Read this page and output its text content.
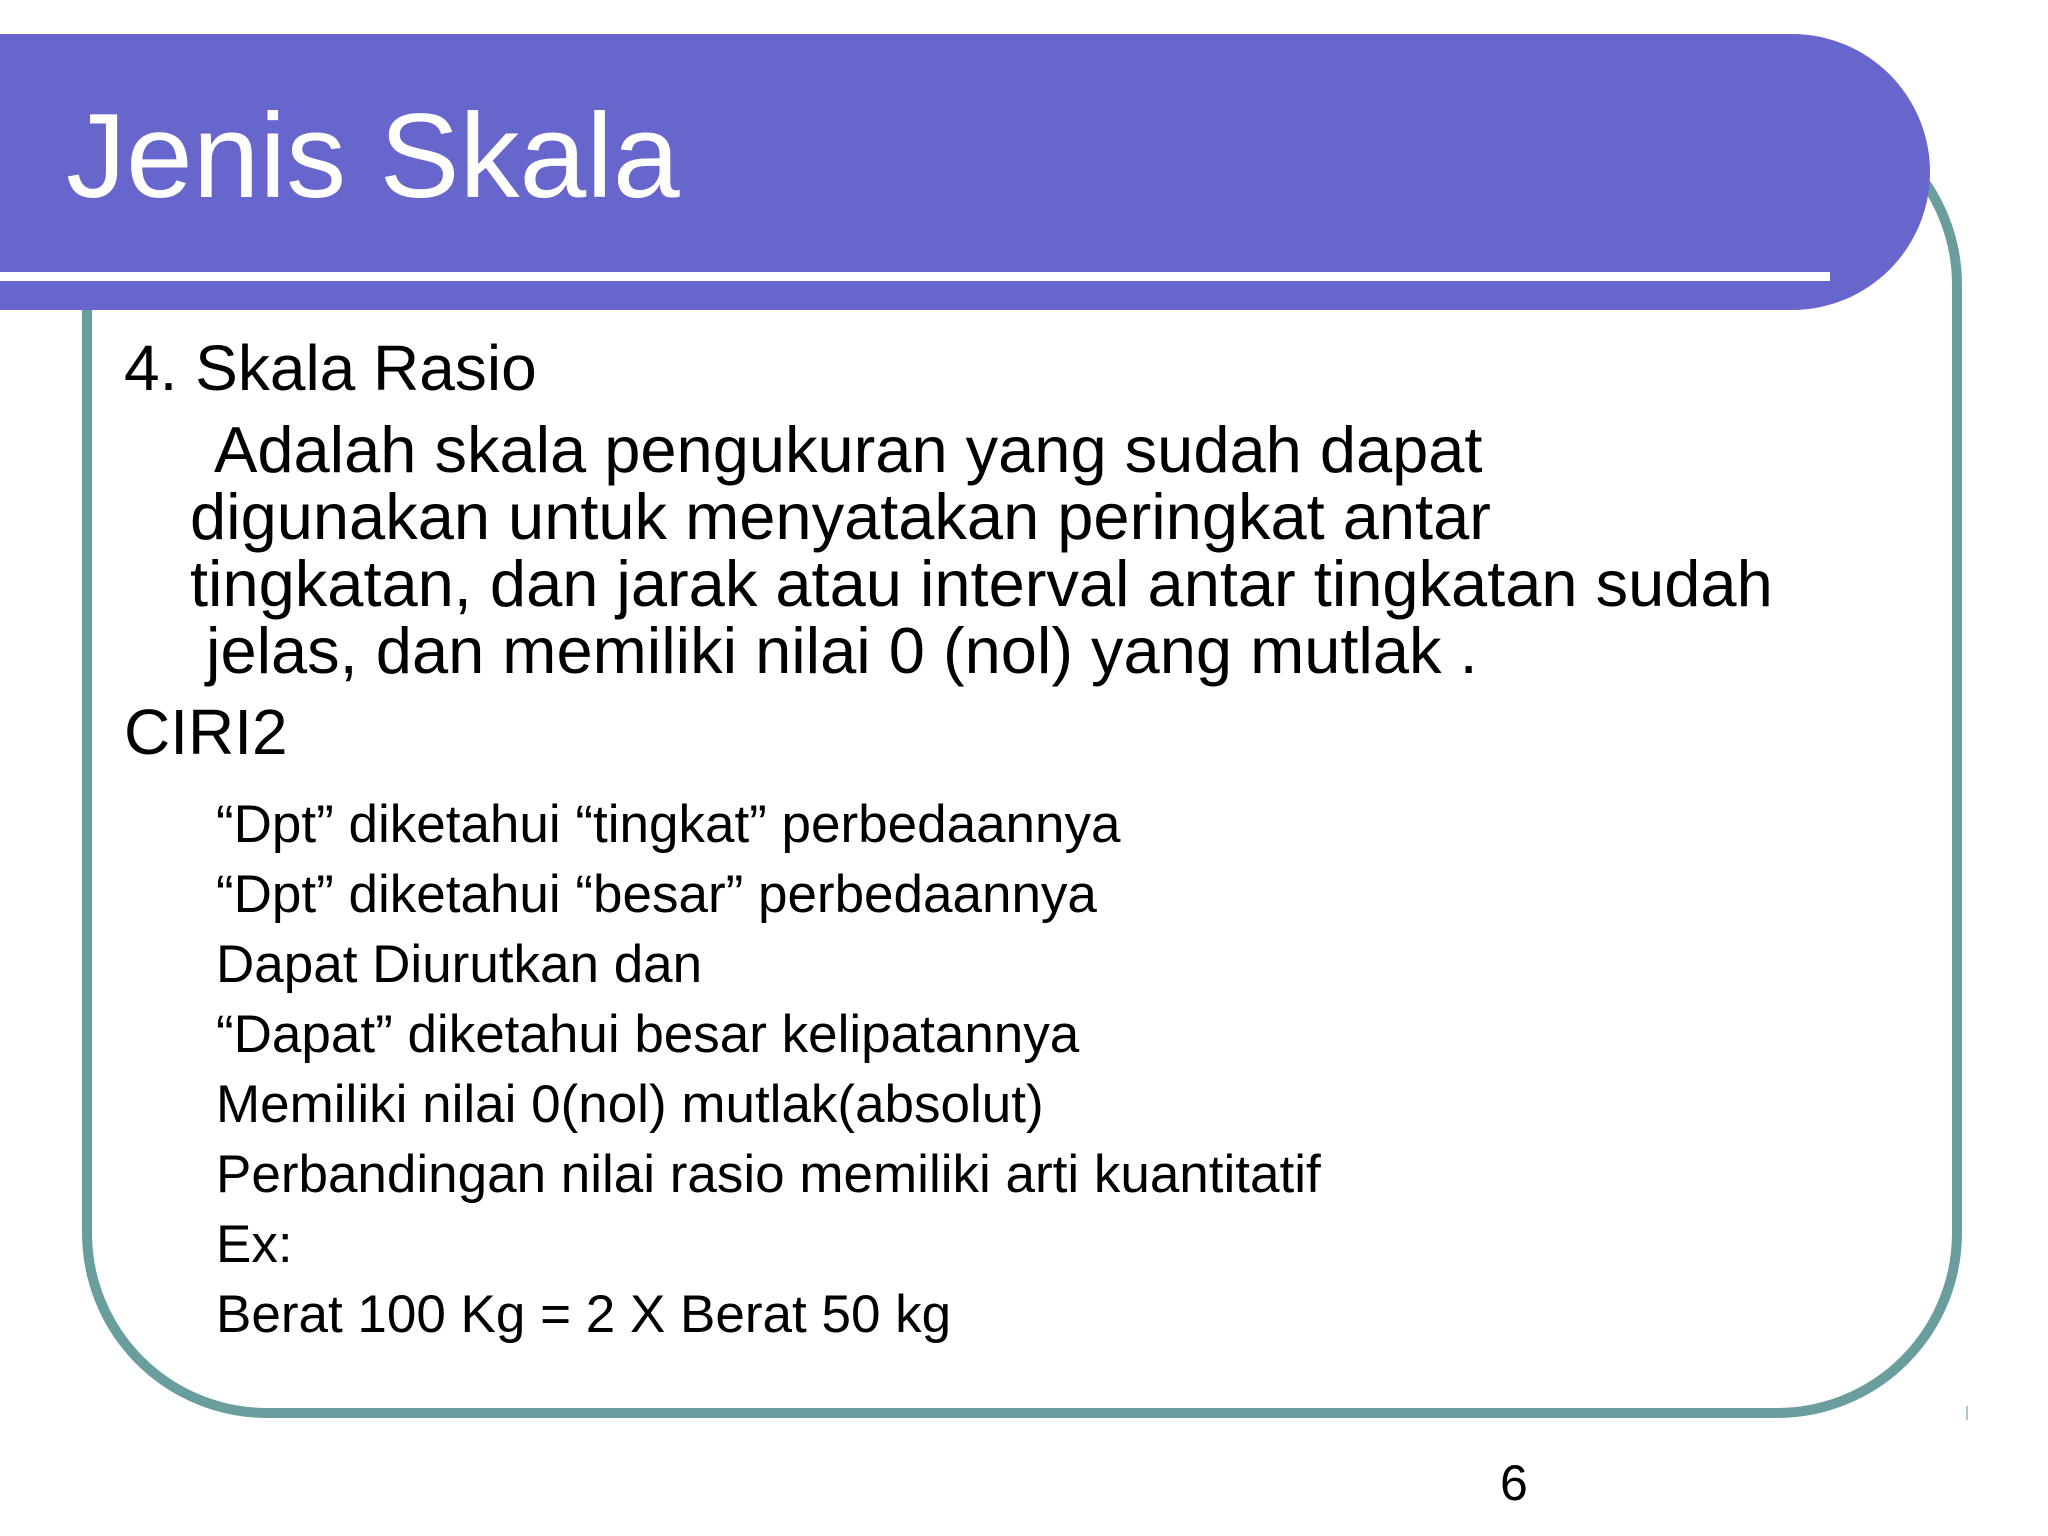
Jenis Skala
4. Skala Rasio

Adalah skala pengukuran yang sudah dapat
digunakan untuk menyatakan peringkat antar
tingkatan, dan jarak atau interval antar tingkatan sudah
jelas, dan memiliki nilai 0 (nol) yang mutlak .

CIRI2
“Dpt” diketahui “tingkat” perbedaannya
“Dpt” diketahui “besar” perbedaannya
Dapat Diurutkan dan
“Dapat” diketahui besar kelipatannya
Memiliki nilai 0(nol) mutlak(absolut)
Perbandingan nilai rasio memiliki arti kuantitatif
Ex:
Berat 100 Kg = 2 X Berat 50 kg
6
